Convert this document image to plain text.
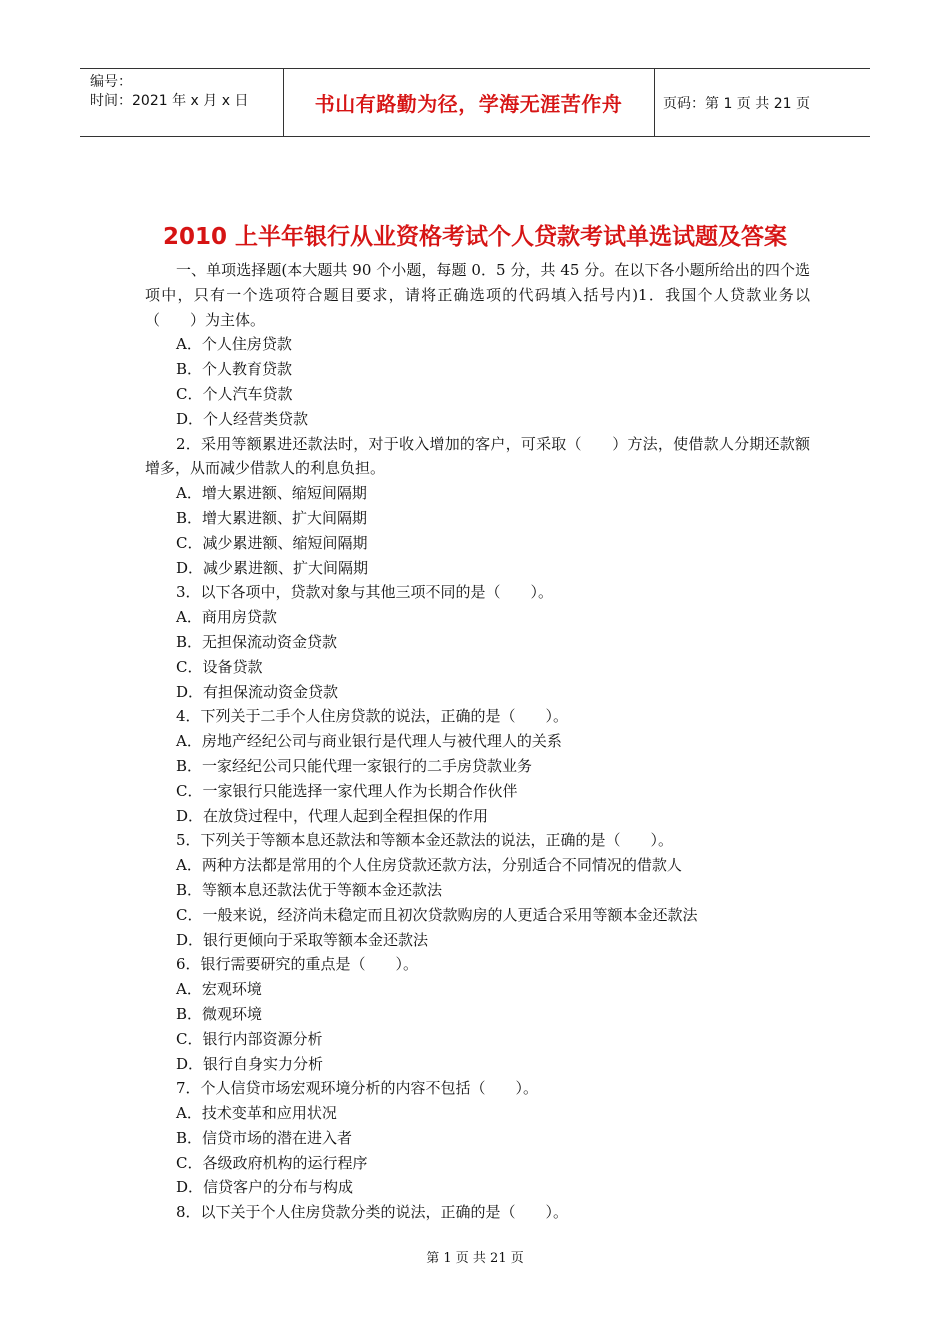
编号：
时间：2021 年 x 月 x 日	书山有路勤为径，学海无涯苦作舟	页码：第 1 页 共 21 页
2010 上半年银行从业资格考试个人贷款考试单选试题及答案

一、单项选择题(本大题共 90 个小题，每题 0．5 分，共 45 分。在以下各小题所给出的四个选项中，只有一个选项符合题目要求，请将正确选项的代码填入括号内)1．我国个人贷款业务以（　　）为主体。

A．个人住房贷款
B．个人教育贷款
C．个人汽车贷款
D．个人经营类贷款

2．采用等额累进还款法时，对于收入增加的客户，可采取（　　）方法，使借款人分期还款额增多，从而减少借款人的利息负担。

A．增大累进额、缩短间隔期
B．增大累进额、扩大间隔期
C．减少累进额、缩短间隔期
D．减少累进额、扩大间隔期
3．以下各项中，贷款对象与其他三项不同的是（　　）。
A．商用房贷款
B．无担保流动资金贷款
C．设备贷款
D．有担保流动资金贷款
4．下列关于二手个人住房贷款的说法，正确的是（　　）。
A．房地产经纪公司与商业银行是代理人与被代理人的关系
B．一家经纪公司只能代理一家银行的二手房贷款业务
C．一家银行只能选择一家代理人作为长期合作伙伴
D．在放贷过程中，代理人起到全程担保的作用
5．下列关于等额本息还款法和等额本金还款法的说法，正确的是（　　）。
A．两种方法都是常用的个人住房贷款还款方法，分别适合不同情况的借款人
B．等额本息还款法优于等额本金还款法
C．一般来说，经济尚未稳定而且初次贷款购房的人更适合采用等额本金还款法
D．银行更倾向于采取等额本金还款法
6．银行需要研究的重点是（　　）。
A．宏观环境
B．微观环境
C．银行内部资源分析
D．银行自身实力分析
7．个人信贷市场宏观环境分析的内容不包括（　　）。
A．技术变革和应用状况
B．信贷市场的潜在进入者
C．各级政府机构的运行程序
D．信贷客户的分布与构成
8．以下关于个人住房贷款分类的说法，正确的是（　　）。
第 1 页 共 21 页
